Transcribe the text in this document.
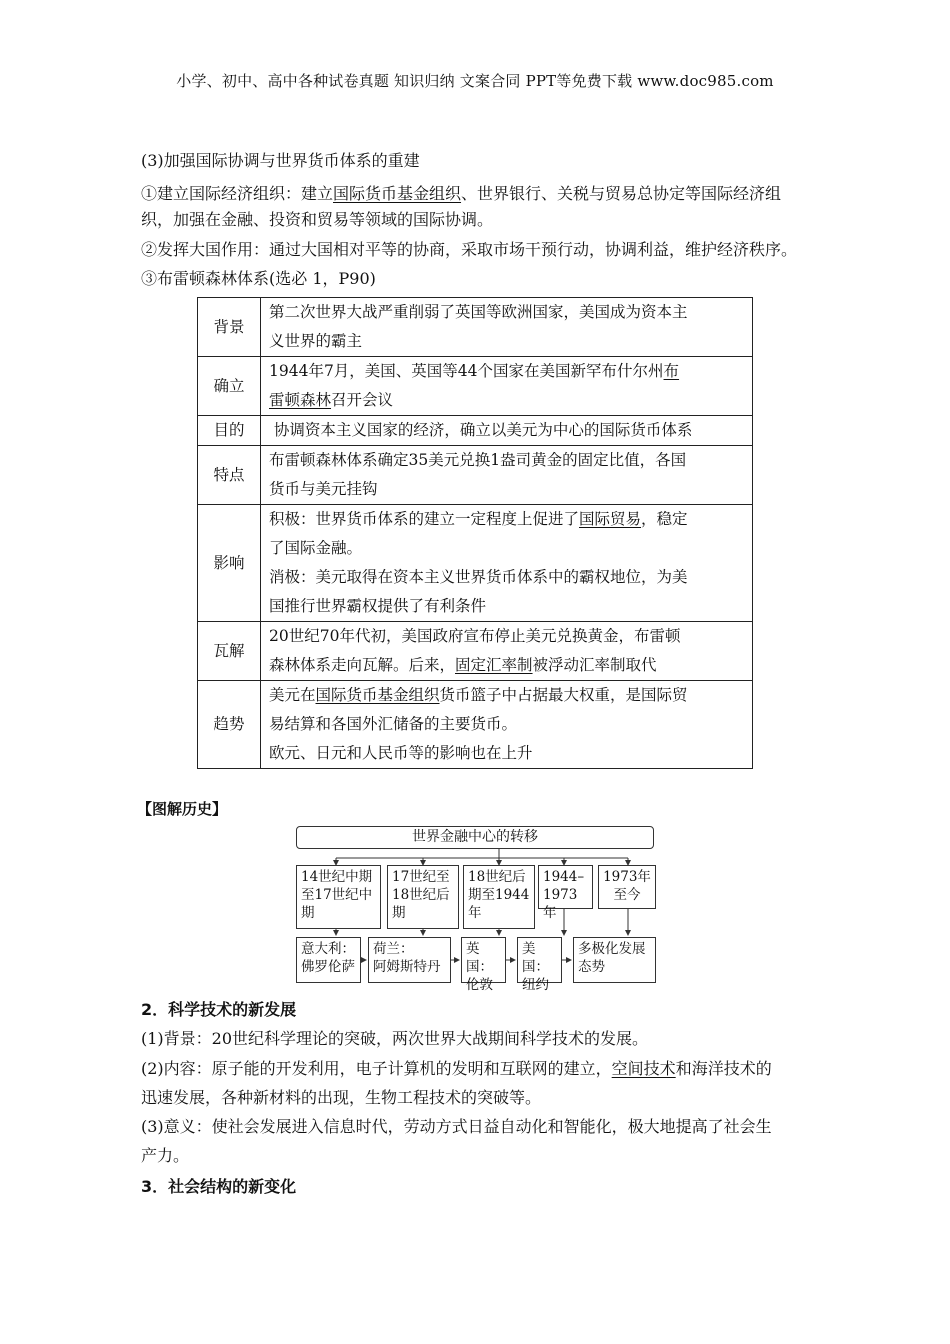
小学、初中、高中各种试卷真题 知识归纳 文案合同 PPT等免费下载 www.doc985.com

(3)加强国际协调与世界货币体系的重建

①建立国际经济组织：建立国际货币基金组织、世界银行、关税与贸易总协定等国际经济组

织，加强在金融、投资和贸易等领域的国际协调。

②发挥大国作用：通过大国相对平等的协商，采取市场干预行动，协调利益，维护经济秩序。

③布雷顿森林体系(选必 1，P90)

背景	第二次世界大战严重削弱了英国等欧洲国家，美国成为资本主
义世界的霸主

确立	1944年7月，美国、英国等44个国家在美国新罕布什尔州布
雷顿森林召开会议

目的	协调资本主义国家的经济，确立以美元为中心的国际货币体系

特点	布雷顿森林体系确定35美元兑换1盎司黄金的固定比值，各国
货币与美元挂钩

影响	积极：世界货币体系的建立一定程度上促进了国际贸易，稳定
了国际金融。
消极：美元取得在资本主义世界货币体系中的霸权地位，为美
国推行世界霸权提供了有利条件

瓦解	20世纪70年代初，美国政府宣布停止美元兑换黄金，布雷顿
森林体系走向瓦解。后来，固定汇率制被浮动汇率制取代

趋势	美元在国际货币基金组织货币篮子中占据最大权重，是国际贸
易结算和各国外汇储备的主要货币。
欧元、日元和人民币等的影响也在上升

【图解历史】

世界金融中心的转移
14世纪中期
至17世纪中
期
17世纪至
18世纪后
期
18世纪后
期至1944
年
1944–
1973年
1973年
至今
意大利：
佛罗伦萨
荷兰：
阿姆斯特丹
英国：
伦敦
美国：
纽约
多极化发展
态势

2．科学技术的新发展

(1)背景：20世纪科学理论的突破，两次世界大战期间科学技术的发展。

(2)内容：原子能的开发利用，电子计算机的发明和互联网的建立，空间技术和海洋技术的

迅速发展，各种新材料的出现，生物工程技术的突破等。

(3)意义：使社会发展进入信息时代，劳动方式日益自动化和智能化，极大地提高了社会生

产力。

3．社会结构的新变化
